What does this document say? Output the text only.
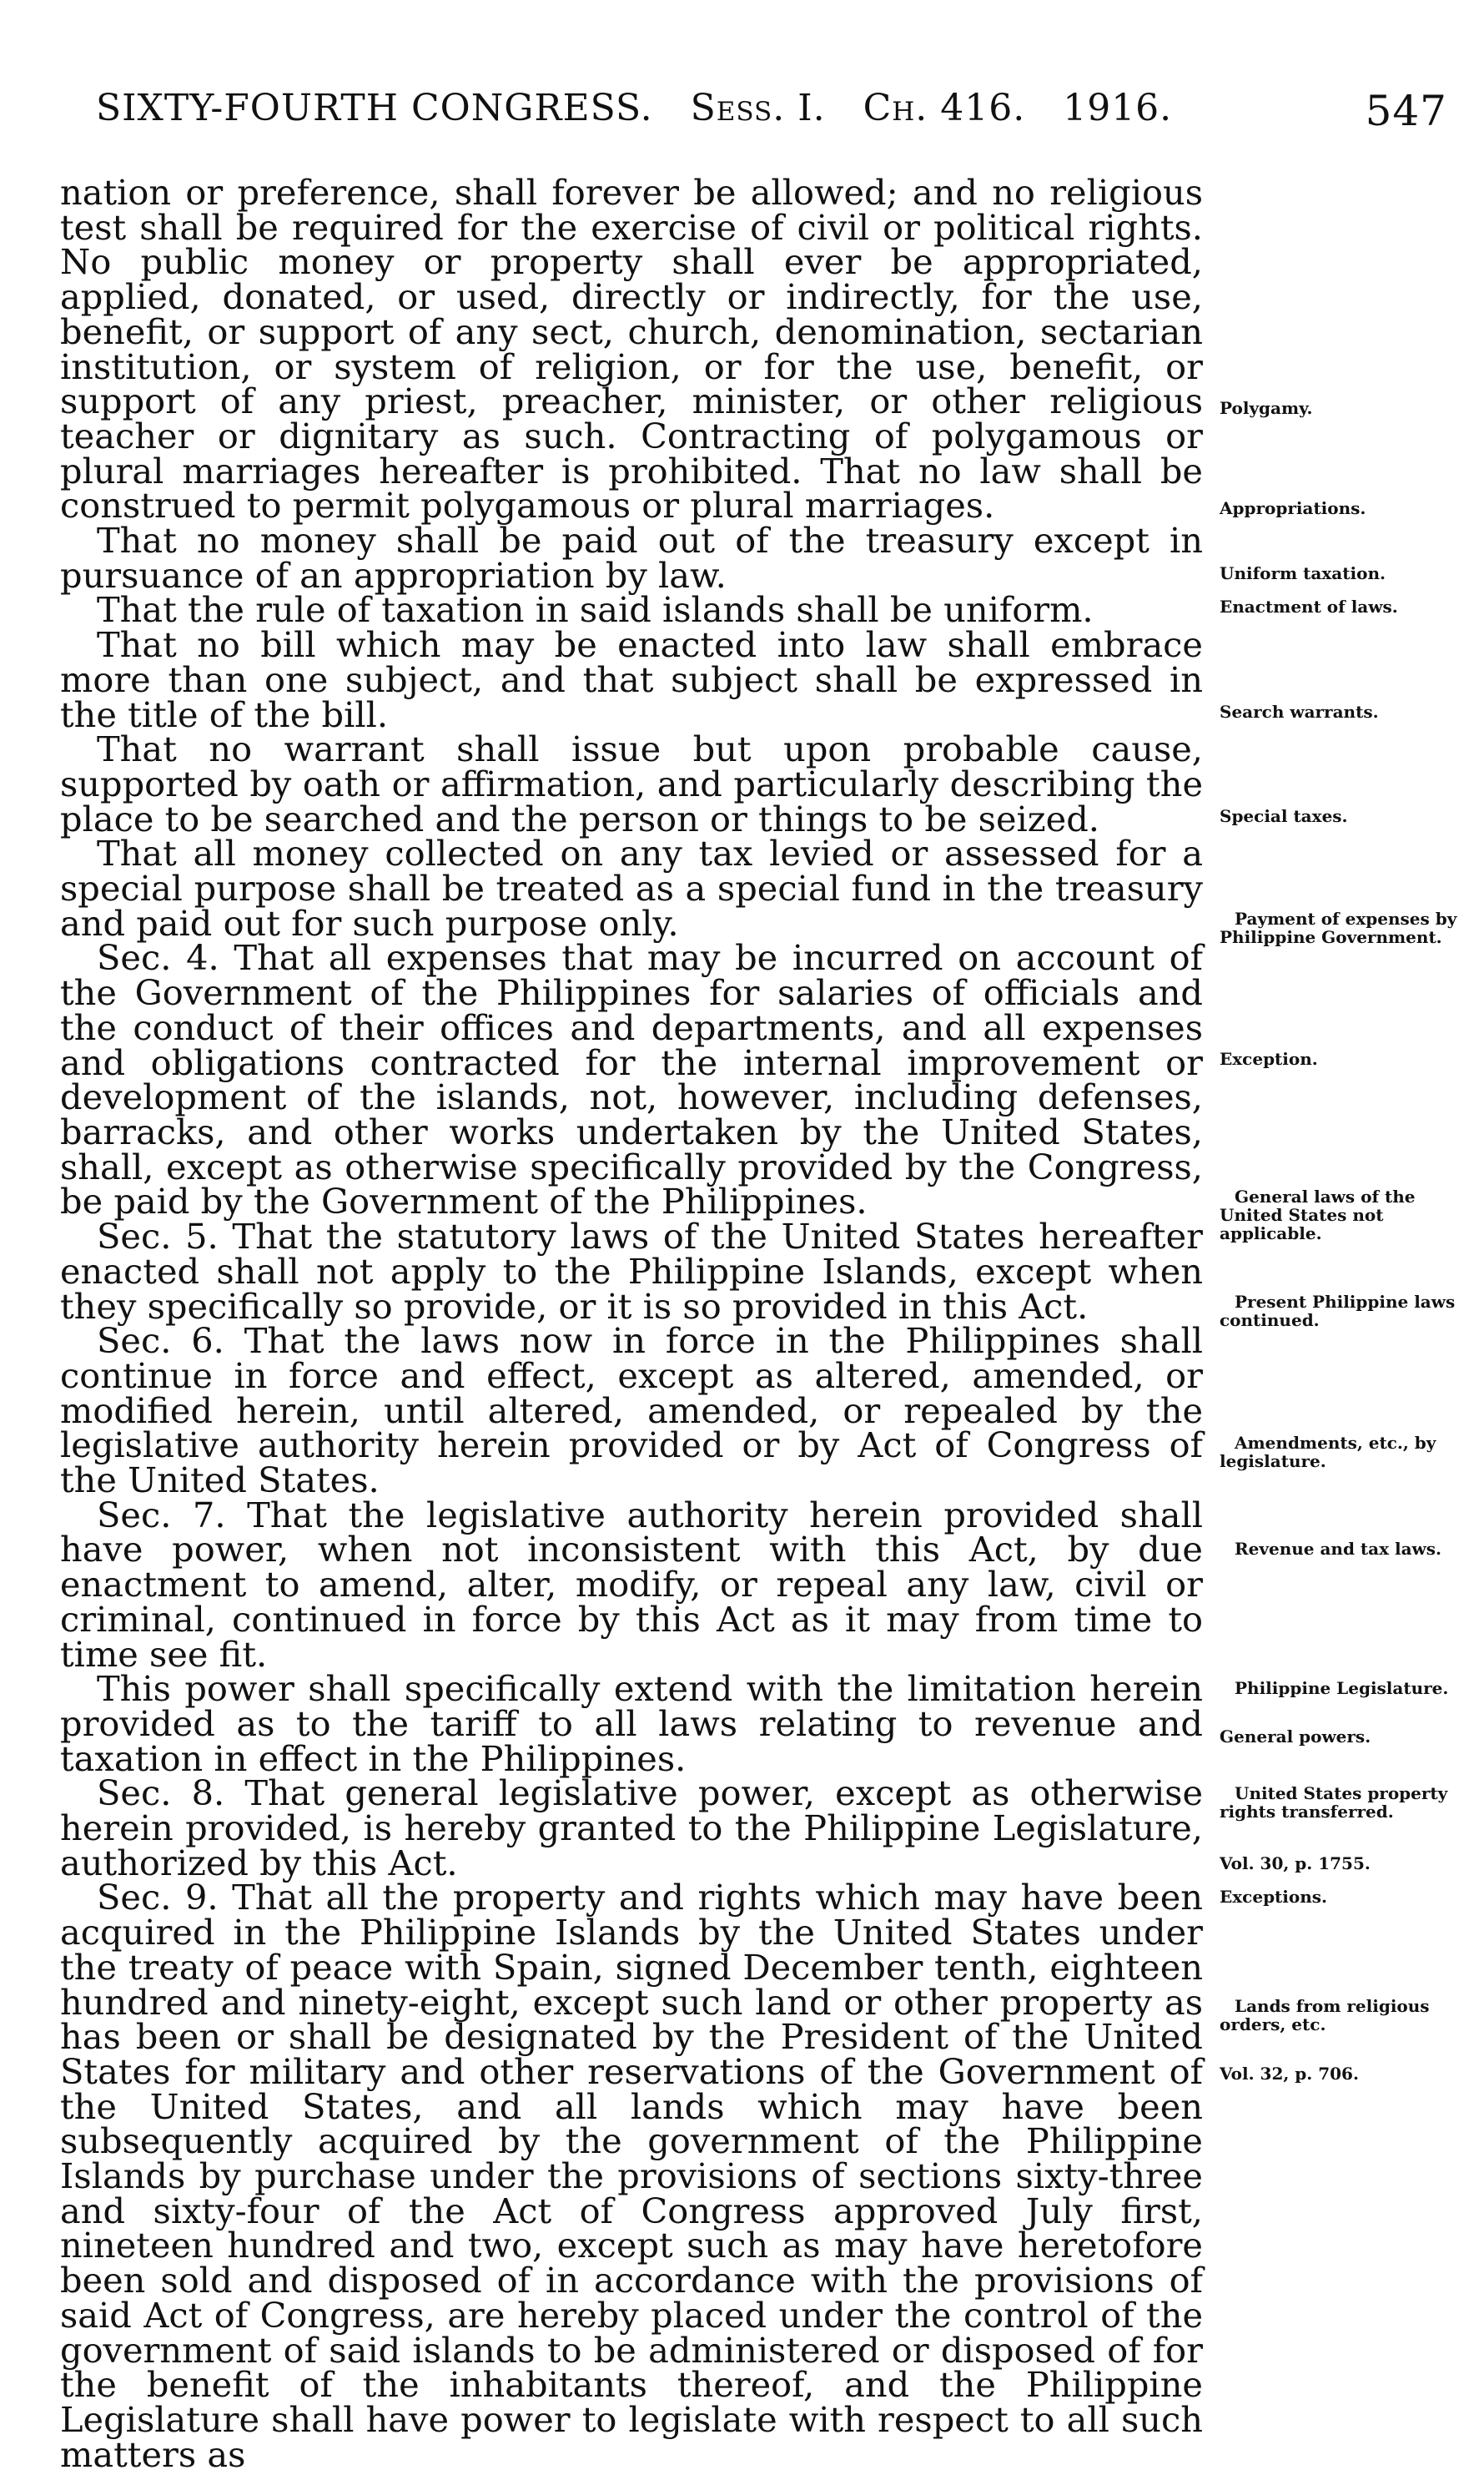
SIXTY-FOURTH CONGRESS. Sess. I. Ch. 416. 1916.	547

nation or preference, shall forever be allowed; and no religious test shall be required for the exercise of civil or political rights. No public money or property shall ever be appropriated, applied, donated, or used, directly or indirectly, for the use, benefit, or support of any sect, church, denomination, sectarian institution, or system of religion, or for the use, benefit, or support of any priest, preacher, minister, or other religious teacher or dignitary as such. Contracting of polygamous or plural marriages hereafter is prohibited. That no law shall be construed to permit polygamous or plural marriages.

That no money shall be paid out of the treasury except in pursuance of an appropriation by law.

That the rule of taxation in said islands shall be uniform.

That no bill which may be enacted into law shall embrace more than one subject, and that subject shall be expressed in the title of the bill.

That no warrant shall issue but upon probable cause, supported by oath or affirmation, and particularly describing the place to be searched and the person or things to be seized.

That all money collected on any tax levied or assessed for a special purpose shall be treated as a special fund in the treasury and paid out for such purpose only.

Sec. 4. That all expenses that may be incurred on account of the Government of the Philippines for salaries of officials and the conduct of their offices and departments, and all expenses and obligations contracted for the internal improvement or development of the islands, not, however, including defenses, barracks, and other works undertaken by the United States, shall, except as otherwise specifically provided by the Congress, be paid by the Government of the Philippines.

Sec. 5. That the statutory laws of the United States hereafter enacted shall not apply to the Philippine Islands, except when they specifically so provide, or it is so provided in this Act.

Sec. 6. That the laws now in force in the Philippines shall continue in force and effect, except as altered, amended, or modified herein, until altered, amended, or repealed by the legislative authority herein provided or by Act of Congress of the United States.

Sec. 7. That the legislative authority herein provided shall have power, when not inconsistent with this Act, by due enactment to amend, alter, modify, or repeal any law, civil or criminal, continued in force by this Act as it may from time to time see fit.

This power shall specifically extend with the limitation herein provided as to the tariff to all laws relating to revenue and taxation in effect in the Philippines.

Sec. 8. That general legislative power, except as otherwise herein provided, is hereby granted to the Philippine Legislature, authorized by this Act.

Sec. 9. That all the property and rights which may have been acquired in the Philippine Islands by the United States under the treaty of peace with Spain, signed December tenth, eighteen hundred and ninety-eight, except such land or other property as has been or shall be designated by the President of the United States for military and other reservations of the Government of the United States, and all lands which may have been subsequently acquired by the government of the Philippine Islands by purchase under the provisions of sections sixty-three and sixty-four of the Act of Congress approved July first, nineteen hundred and two, except such as may have heretofore been sold and disposed of in accordance with the provisions of said Act of Congress, are hereby placed under the control of the government of said islands to be administered or disposed of for the benefit of the inhabitants thereof, and the Philippine Legislature shall have power to legislate with respect to all such matters as

Polygamy.
Appropriations.
Uniform taxation.
Enactment of laws.
Search warrants.
Special taxes.
Payment of expenses by Philippine Government.
Exception.
General laws of the United States not applicable.
Present Philippine laws continued.
Amendments, etc., by legislature.
Revenue and tax laws.
Philippine Legislature.
General powers.
United States property rights transferred.
Vol. 30, p. 1755.
Exceptions.
Lands from religious orders, etc.
Vol. 32, p. 706.
